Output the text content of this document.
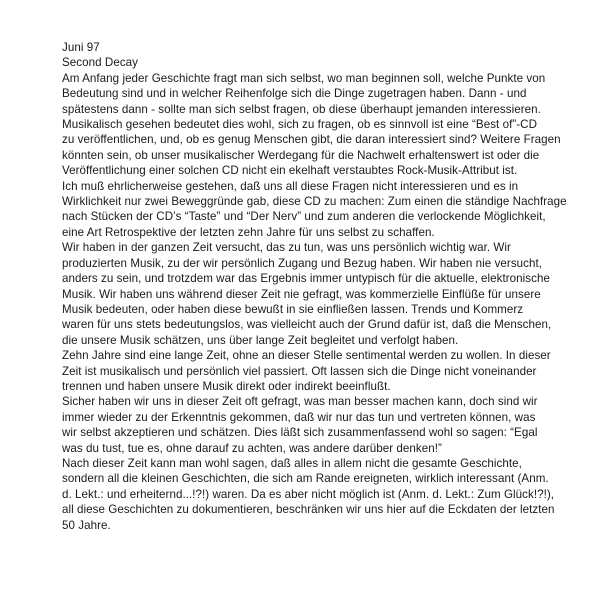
Juni 97
Second Decay
Am Anfang jeder Geschichte fragt man sich selbst, wo man beginnen soll, welche Punkte von
Bedeutung sind und in welcher Reihenfolge sich die Dinge zugetragen haben. Dann - und
spätestens dann - sollte man sich selbst fragen, ob diese überhaupt jemanden interessieren.
Musikalisch gesehen bedeutet dies wohl, sich zu fragen, ob es sinnvoll ist eine “Best of”-CD
zu veröffentlichen, und, ob es genug Menschen gibt, die daran interessiert sind? Weitere Fragen
könnten sein, ob unser musikalischer Werdegang für die Nachwelt erhaltenswert ist oder die
Veröffentlichung einer solchen CD nicht ein ekelhaft verstaubtes Rock-Musik-Attribut ist.
Ich muß ehrlicherweise gestehen, daß uns all diese Fragen nicht interessieren und es in
Wirklichkeit nur zwei Beweggründe gab, diese CD zu machen: Zum einen die ständige Nachfrage
nach Stücken der CD’s “Taste” und “Der Nerv” und zum anderen die verlockende Möglichkeit,
eine Art Retrospektive der letzten zehn Jahre für uns selbst zu schaffen.
Wir haben in der ganzen Zeit versucht, das zu tun, was uns persönlich wichtig war. Wir
produzierten Musik, zu der wir persönlich Zugang und Bezug haben. Wir haben nie versucht,
anders zu sein, und trotzdem war das Ergebnis immer untypisch für die aktuelle, elektronische
Musik. Wir haben uns während dieser Zeit nie gefragt, was kommerzielle Einflüße für unsere
Musik bedeuten, oder haben diese bewußt in sie einfließen lassen. Trends und Kommerz
waren für uns stets bedeutungslos, was vielleicht auch der Grund dafür ist, daß die Menschen,
die unsere Musik schätzen, uns über lange Zeit begleitet und verfolgt haben.
Zehn Jahre sind eine lange Zeit, ohne an dieser Stelle sentimental werden zu wollen. In dieser
Zeit ist musikalisch und persönlich viel passiert. Oft lassen sich die Dinge nicht voneinander
trennen und haben unsere Musik direkt oder indirekt beeinflußt.
Sicher haben wir uns in dieser Zeit oft gefragt, was man besser machen kann, doch sind wir
immer wieder zu der Erkenntnis gekommen, daß wir nur das tun und vertreten können, was
wir selbst akzeptieren und schätzen. Dies läßt sich zusammenfassend wohl so sagen: “Egal
was du tust, tue es, ohne darauf zu achten, was andere darüber denken!”
Nach dieser Zeit kann man wohl sagen, daß alles in allem nicht die gesamte Geschichte,
sondern all die kleinen Geschichten, die sich am Rande ereigneten, wirklich interessant (Anm.
d. Lekt.: und erheiternd...!?!) waren. Da es aber nicht möglich ist (Anm. d. Lekt.: Zum Glück!?!),
all diese Geschichten zu dokumentieren, beschränken wir uns hier auf die Eckdaten der letzten
50 Jahre.
